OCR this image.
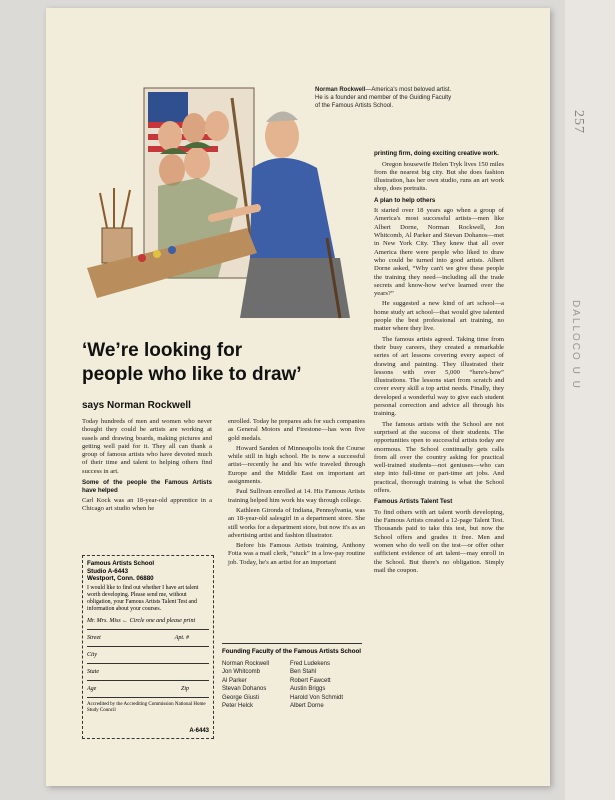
257
DALLOCO U U
Norman Rockwell—America's most beloved artist. He is a founder and member of the Guiding Faculty of the Famous Artists School.
‘We’re looking for
people who like to draw’
says Norman Rockwell

Today hundreds of men and women who never thought they could be artists are working at easels and drawing boards, making pictures and getting well paid for it. They all can thank a group of famous artists who have devoted much of their time and talent to helping others find success in art.

Some of the people the Famous Artists have helped

Carl Kock was an 18-year-old apprentice in a Chicago art studio when he

Famous Artists School
Studio A-6443
Westport, Conn. 06880
I would like to find out whether I have art talent worth developing. Please send me, without obligation, your Famous Artists Talent Test and information about your courses.
Mr. Mrs. Miss ← Circle one and please print
Street	Apt. #
City
State
Age	Zip
Accredited by the Accrediting Commission National Home Study Council
A-6443

enrolled. Today he prepares ads for such companies as General Motors and Firestone—has won five gold medals.

Howard Sanden of Minneapolis took the Course while still in high school. He is now a successful artist—recently he and his wife traveled through Europe and the Middle East on important art assignments.

Paul Sullivan enrolled at 14. His Famous Artists training helped him work his way through college.

Kathleen Gironda of Indiana, Pennsylvania, was an 18-year-old salesgirl in a department store. She still works for a department store, but now it's as an advertising artist and fashion illustrator.

Before his Famous Artists training, Anthony Fotia was a mail clerk, “stuck” in a low-pay routine job. Today, he's an artist for an important

Founding Faculty of the Famous Artists School
Norman Rockwell
Jon Whitcomb
Al Parker
Stevan Dohanos
George Giusti
Peter Helck
Fred Ludekens
Ben Stahl
Robert Fawcett
Austin Briggs
Harold Von Schmidt
Albert Dorne
printing firm, doing exciting creative work.

Oregon housewife Helen Tryk lives 150 miles from the nearest big city. But she does fashion illustration, has her own studio, runs an art work shop, does portraits.

A plan to help others

It started over 18 years ago when a group of America's most successful artists—men like Albert Dorne, Norman Rockwell, Jon Whitcomb, Al Parker and Stevan Dohanos—met in New York City. They knew that all over America there were people who liked to draw who could be turned into good artists. Albert Dorne asked, “Why can't we give these people the training they need—including all the trade secrets and know-how we've learned over the years?”

He suggested a new kind of art school—a home study art school—that would give talented people the best professional art training, no matter where they live.

The famous artists agreed. Taking time from their busy careers, they created a remarkable series of art lessons covering every aspect of drawing and painting. They illustrated their lessons with over 5,000 “here's-how” illustrations. The lessons start from scratch and cover every skill a top artist needs. Finally, they developed a wonderful way to give each student personal correction and advice all through his training.

The famous artists with the School are not surprised at the success of their students. The opportunities open to successful artists today are enormous. The School continually gets calls from all over the country asking for practical well-trained students—not geniuses—who can step into full-time or part-time art jobs. And practical, thorough training is what the School offers.

Famous Artists Talent Test

To find others with art talent worth developing, the Famous Artists created a 12-page Talent Test. Thousands paid to take this test, but now the School offers and grades it free. Men and women who do well on the test—or offer other sufficient evidence of art talent—may enroll in the School. But there's no obligation. Simply mail the coupon.
